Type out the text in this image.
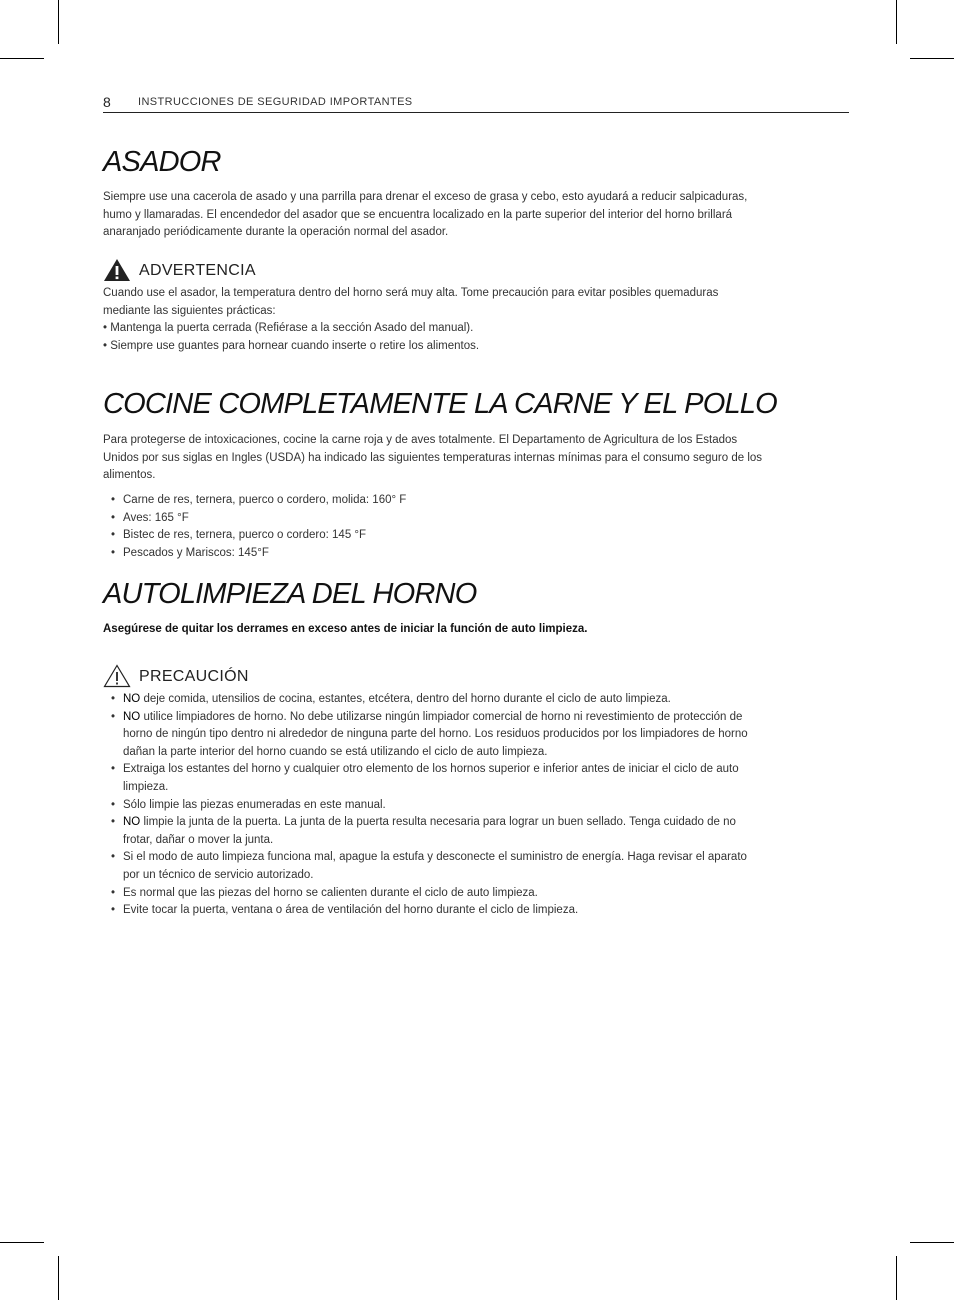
8 INSTRUCCIONES DE SEGURIDAD IMPORTANTES
ASADOR

Siempre use una cacerola de asado y una parrilla para drenar el exceso de grasa y cebo, esto ayudará a reducir salpicaduras,
humo y llamaradas. El encendedor del asador que se encuentra localizado en la parte superior del interior del horno brillará
anaranjado periódicamente durante la operación normal del asador.

ADVERTENCIA

Cuando use el asador, la temperatura dentro del horno será muy alta. Tome precaución para evitar posibles quemaduras
mediante las siguientes prácticas:
• Mantenga la puerta cerrada (Refiérase a la sección Asado del manual).
• Siempre use guantes para hornear cuando inserte o retire los alimentos.

COCINE COMPLETAMENTE LA CARNE Y EL POLLO

Para protegerse de intoxicaciones, cocine la carne roja y de aves totalmente. El Departamento de Agricultura de los Estados
Unidos por sus siglas en Ingles (USDA) ha indicado las siguientes temperaturas internas mínimas para el consumo seguro de los
alimentos.

• Carne de res, ternera, puerco o cordero, molida: 160° F
• Aves: 165 °F
• Bistec de res, ternera, puerco o cordero: 145 °F
• Pescados y Mariscos: 145°F
AUTOLIMPIEZA DEL HORNO

Asegúrese de quitar los derrames en exceso antes de iniciar la función de auto limpieza.

PRECAUCIÓN
• NO deje comida, utensilios de cocina, estantes, etcétera, dentro del horno durante el ciclo de auto limpieza.
• NO utilice limpiadores de horno. No debe utilizarse ningún limpiador comercial de horno ni revestimiento de protección de
horno de ningún tipo dentro ni alrededor de ninguna parte del horno. Los residuos producidos por los limpiadores de horno
dañan la parte interior del horno cuando se está utilizando el ciclo de auto limpieza.
• Extraiga los estantes del horno y cualquier otro elemento de los hornos superior e inferior antes de iniciar el ciclo de auto
limpieza.
• Sólo limpie las piezas enumeradas en este manual.
• NO limpie la junta de la puerta. La junta de la puerta resulta necesaria para lograr un buen sellado. Tenga cuidado de no
frotar, dañar o mover la junta.
• Si el modo de auto limpieza funciona mal, apague la estufa y desconecte el suministro de energía. Haga revisar el aparato
por un técnico de servicio autorizado.
• Es normal que las piezas del horno se calienten durante el ciclo de auto limpieza.
• Evite tocar la puerta, ventana o área de ventilación del horno durante el ciclo de limpieza.
